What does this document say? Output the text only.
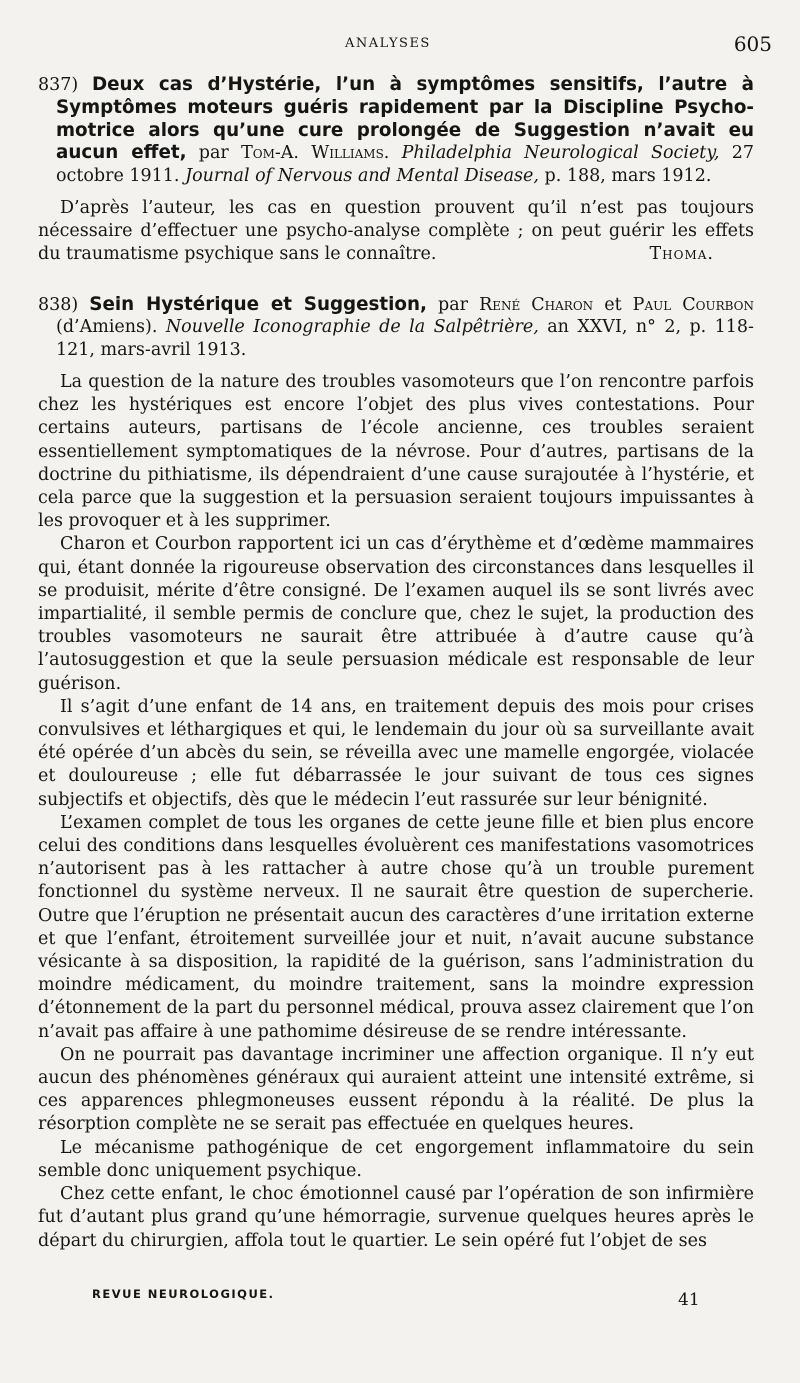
ANALYSES	605

837) Deux cas d’Hystérie, l’un à symptômes sensitifs, l’autre à Symptômes moteurs guéris rapidement par la Discipline Psycho-motrice alors qu’une cure prolongée de Suggestion n’avait eu aucun effet, par Tom-A. Williams. Philadelphia Neurological Society, 27 octobre 1911. Journal of Nervous and Mental Disease, p. 188, mars 1912.

D’après l’auteur, les cas en question prouvent qu’il n’est pas toujours nécessaire d’effectuer une psycho-analyse complète ; on peut guérir les effets du traumatisme psychique sans le connaître.	Thoma.

838) Sein Hystérique et Suggestion, par René Charon et Paul Courbon (d’Amiens). Nouvelle Iconographie de la Salpêtrière, an XXVI, n° 2, p. 118-121, mars-avril 1913.

La question de la nature des troubles vasomoteurs que l’on rencontre parfois chez les hystériques est encore l’objet des plus vives contestations. Pour certains auteurs, partisans de l’école ancienne, ces troubles seraient essentiellement symptomatiques de la névrose. Pour d’autres, partisans de la doctrine du pithiatisme, ils dépendraient d’une cause surajoutée à l’hystérie, et cela parce que la suggestion et la persuasion seraient toujours impuissantes à les provoquer et à les supprimer.

Charon et Courbon rapportent ici un cas d’érythème et d’œdème mammaires qui, étant donnée la rigoureuse observation des circonstances dans lesquelles il se produisit, mérite d’être consigné. De l’examen auquel ils se sont livrés avec impartialité, il semble permis de conclure que, chez le sujet, la production des troubles vasomoteurs ne saurait être attribuée à d’autre cause qu’à l’autosuggestion et que la seule persuasion médicale est responsable de leur guérison.

Il s’agit d’une enfant de 14 ans, en traitement depuis des mois pour crises convulsives et léthargiques et qui, le lendemain du jour où sa surveillante avait été opérée d’un abcès du sein, se réveilla avec une mamelle engorgée, violacée et douloureuse ; elle fut débarrassée le jour suivant de tous ces signes subjectifs et objectifs, dès que le médecin l’eut rassurée sur leur bénignité.

L’examen complet de tous les organes de cette jeune fille et bien plus encore celui des conditions dans lesquelles évoluèrent ces manifestations vasomotrices n’autorisent pas à les rattacher à autre chose qu’à un trouble purement fonctionnel du système nerveux. Il ne saurait être question de supercherie. Outre que l’éruption ne présentait aucun des caractères d’une irritation externe et que l’enfant, étroitement surveillée jour et nuit, n’avait aucune substance vésicante à sa disposition, la rapidité de la guérison, sans l’administration du moindre médicament, du moindre traitement, sans la moindre expression d’étonnement de la part du personnel médical, prouva assez clairement que l’on n’avait pas affaire à une pathomime désireuse de se rendre intéressante.

On ne pourrait pas davantage incriminer une affection organique. Il n’y eut aucun des phénomènes généraux qui auraient atteint une intensité extrême, si ces apparences phlegmoneuses eussent répondu à la réalité. De plus la résorption complète ne se serait pas effectuée en quelques heures.

Le mécanisme pathogénique de cet engorgement inflammatoire du sein semble donc uniquement psychique.

Chez cette enfant, le choc émotionnel causé par l’opération de son infirmière fut d’autant plus grand qu’une hémorragie, survenue quelques heures après le départ du chirurgien, affola tout le quartier. Le sein opéré fut l’objet de ses

REVUE NEUROLOGIQUE.	41
